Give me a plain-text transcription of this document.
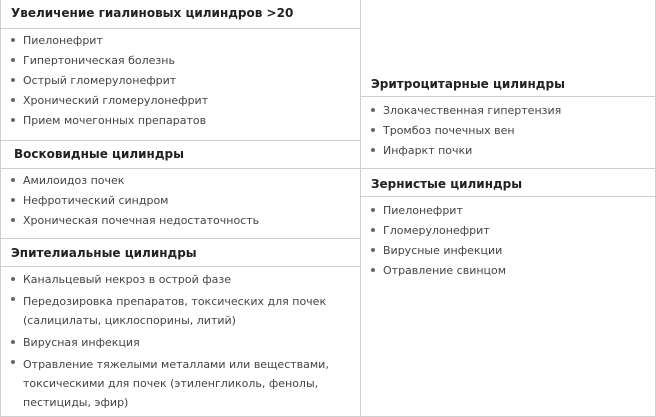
Увеличение гиалиновых цилиндров >20
Пиелонефрит
Гипертоническая болезнь
Острый гломерулонефрит
Хронический гломерулонефрит
Прием мочегонных препаратов
Восковидные цилиндры
Амилоидоз почек
Нефротический синдром
Хроническая почечная недостаточность
Эпителиальные цилиндры
Канальцевый некроз в острой фазе
Передозировка препаратов, токсических для почек (салицилаты, циклоспорины, литий)
Вирусная инфекция
Отравление тяжелыми металлами или веществами, токсическими для почек (этиленгликоль, фенолы, пестициды, эфир)
Эритроцитарные цилиндры
Злокачественная гипертензия
Тромбоз почечных вен
Инфаркт почки
Зернистые цилиндры
Пиелонефрит
Гломерулонефрит
Вирусные инфекции
Отравление свинцом
